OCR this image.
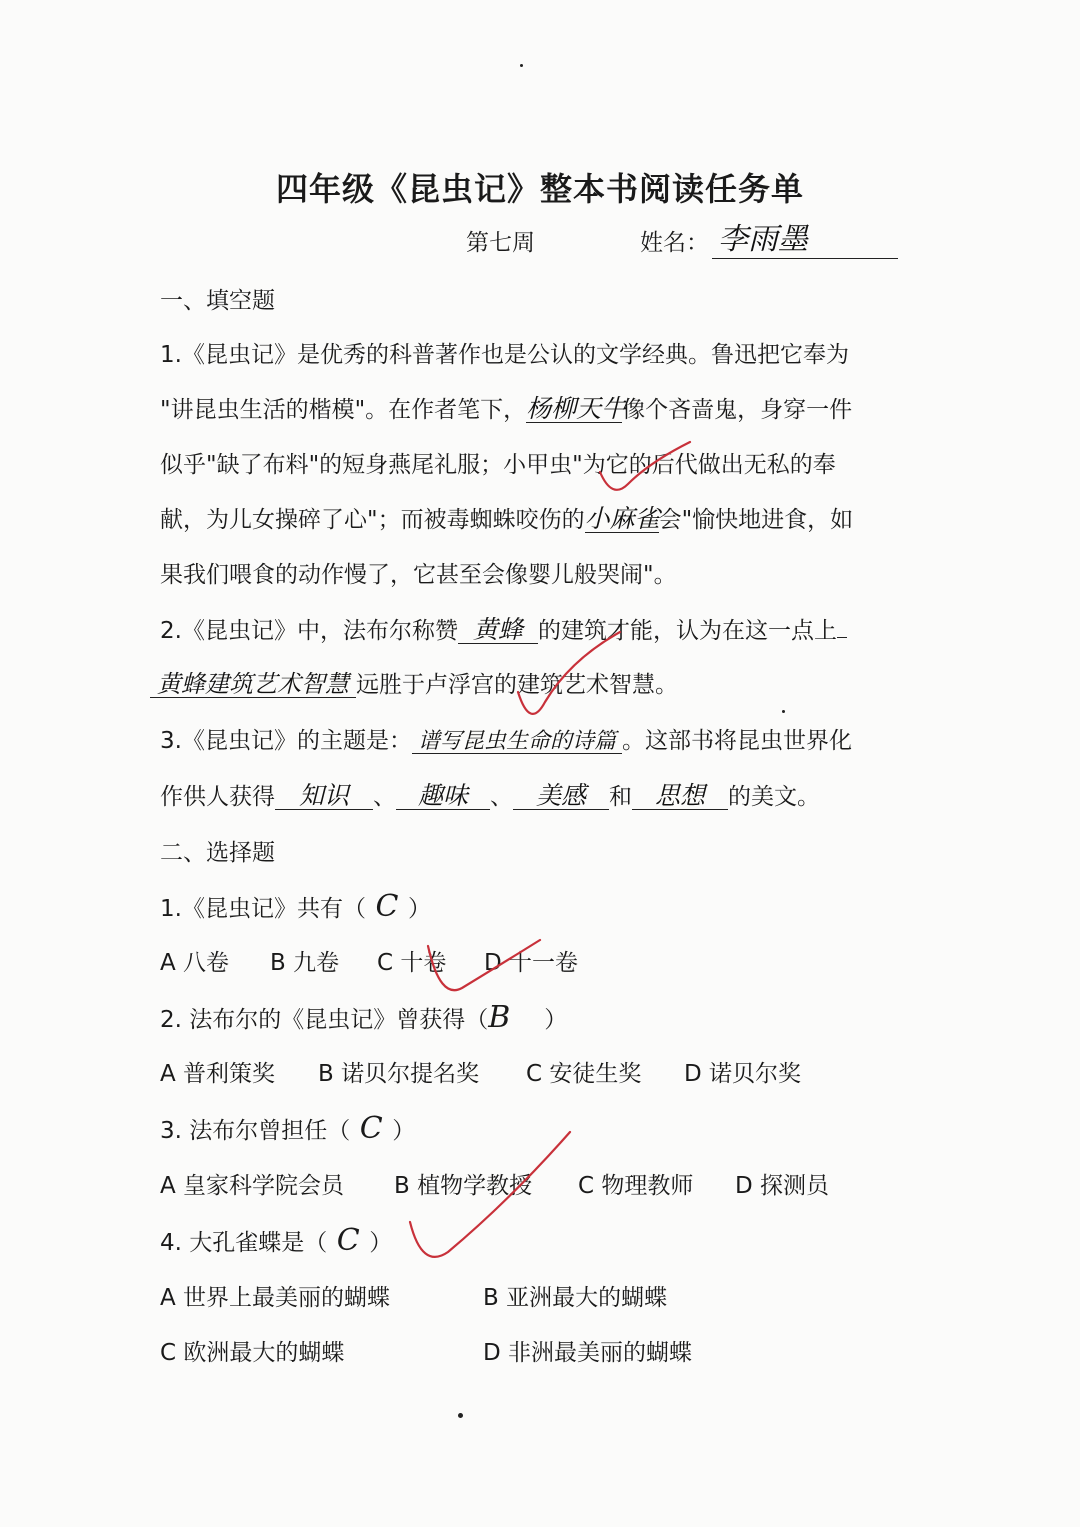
四年级《昆虫记》整本书阅读任务单
第七周	姓名： 李雨墨
一、填空题
1.《昆虫记》是优秀的科普著作也是公认的文学经典。鲁迅把它奉为
"讲昆虫生活的楷模"。在作者笔下，杨柳天牛像个吝啬鬼，身穿一件
似乎"缺了布料"的短身燕尾礼服；小甲虫"为它的后代做出无私的奉
献，为儿女操碎了心"；而被毒蜘蛛咬伤的小麻雀会"愉快地进食，如
果我们喂食的动作慢了，它甚至会像婴儿般哭闹"。
2.《昆虫记》中，法布尔称赞 黄蜂 的建筑才能，认为在这一点上
黄蜂建筑艺术智慧 远胜于卢浮宫的建筑艺术智慧。
3.《昆虫记》的主题是： 谱写昆虫生命的诗篇 。这部书将昆虫世界化
作供人获得 知识 、 趣味 、 美感 和 思想 的美文。
二、选择题
1.《昆虫记》共有（ C ）
A 八卷 B 九卷 C 十卷 D 十一卷
2. 法布尔的《昆虫记》曾获得（B ）
A 普利策奖 B 诺贝尔提名奖 C 安徒生奖 D 诺贝尔奖
3. 法布尔曾担任（ C ）
A 皇家科学院会员 B 植物学教授 C 物理教师 D 探测员
4. 大孔雀蝶是（ C ）
A 世界上最美丽的蝴蝶	B 亚洲最大的蝴蝶
C 欧洲最大的蝴蝶	D 非洲最美丽的蝴蝶
